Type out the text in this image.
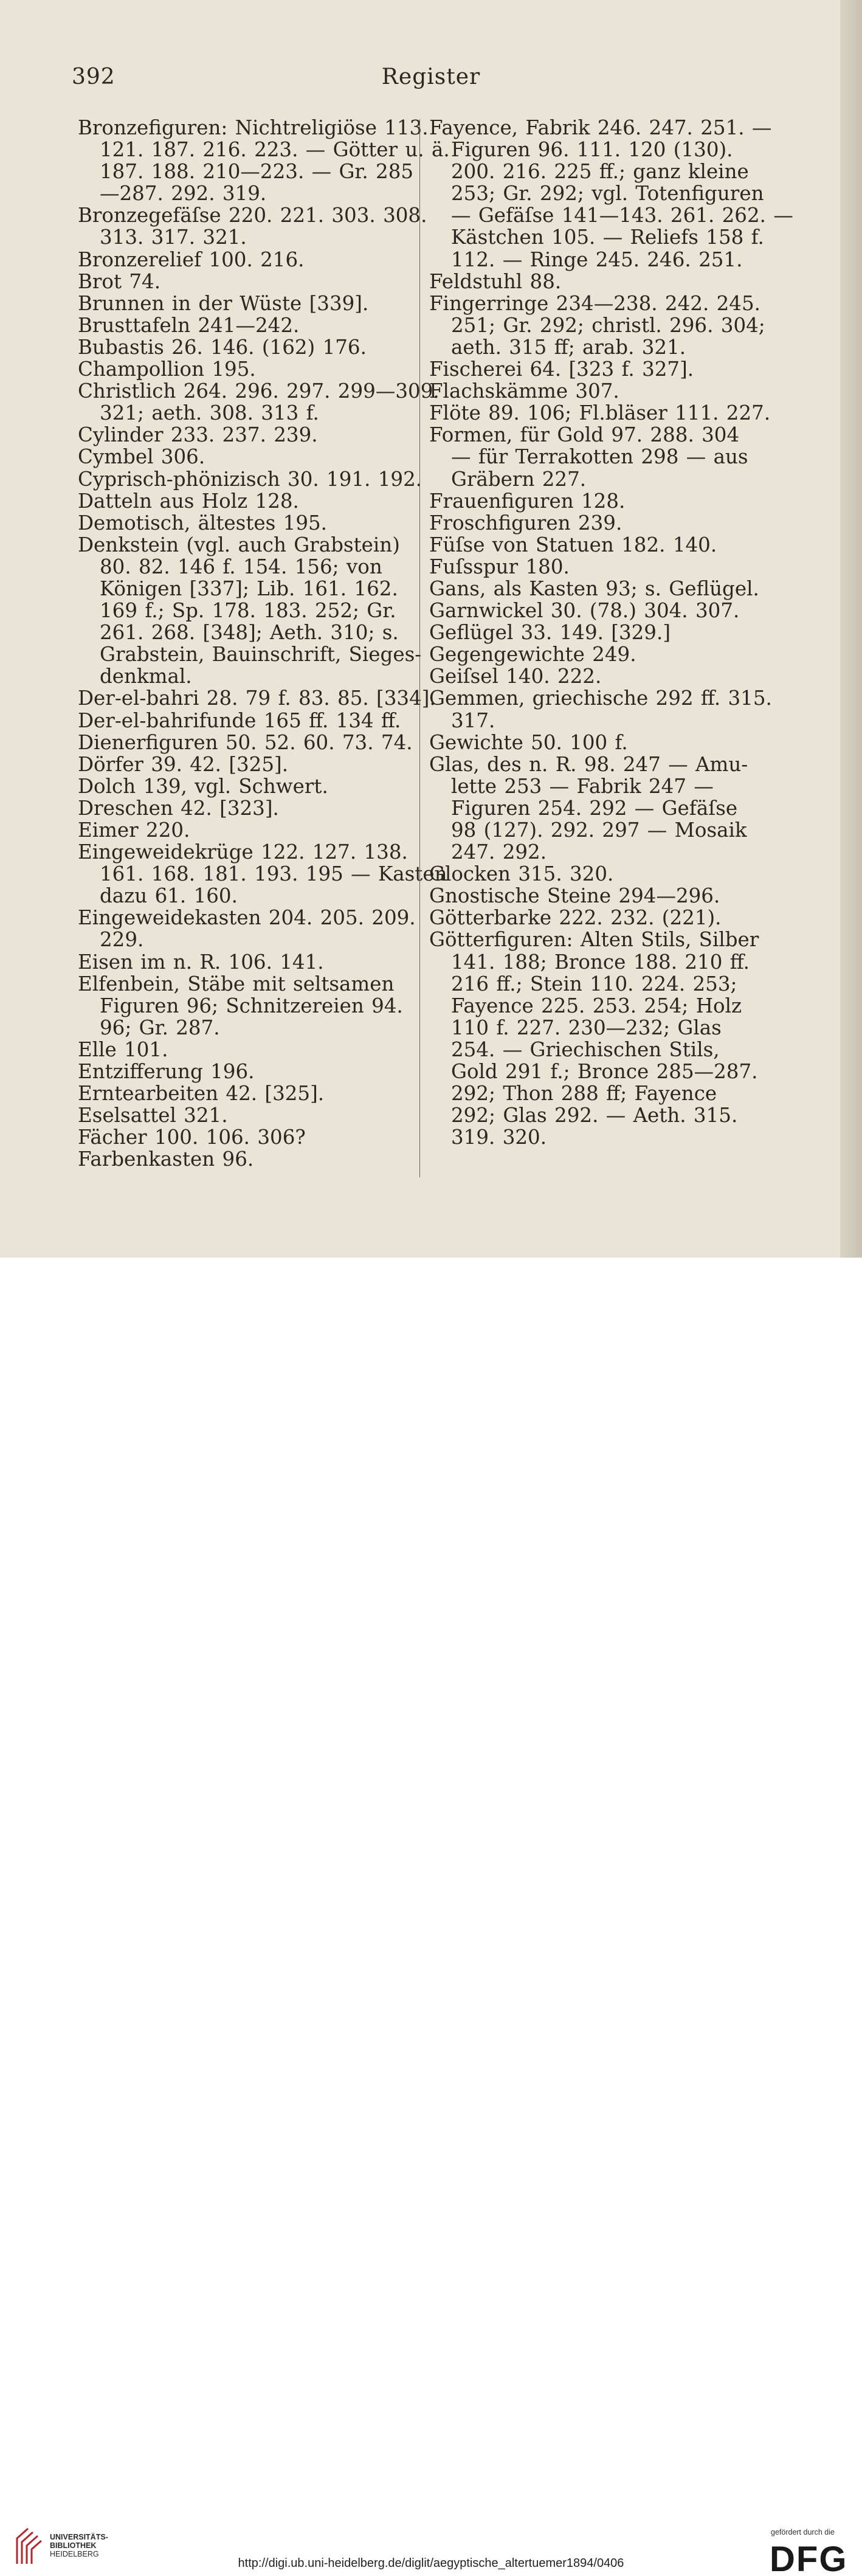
392	Register
Bronzefiguren: Nichtreligiöse 113.
121. 187. 216. 223. — Götter u. ä.
187. 188. 210—223. — Gr. 285
—287. 292. 319.
Bronzegefäſse 220. 221. 303. 308.
313. 317. 321.
Bronzerelief 100. 216.
Brot 74.
Brunnen in der Wüste [339].
Brusttafeln 241—242.
Bubastis 26. 146. (162) 176.
Champollion 195.
Christlich 264. 296. 297. 299—309.
321; aeth. 308. 313 f.
Cylinder 233. 237. 239.
Cymbel 306.
Cyprisch-phönizisch 30. 191. 192.
Datteln aus Holz 128.
Demotisch, ältestes 195.
Denkstein (vgl. auch Grabstein)
80. 82. 146 f. 154. 156; von
Königen [337]; Lib. 161. 162.
169 f.; Sp. 178. 183. 252; Gr.
261. 268. [348]; Aeth. 310; s.
Grabstein, Bauinschrift, Sieges-
denkmal.
Der-el-bahri 28. 79 f. 83. 85. [334].
Der-el-bahrifunde 165 ff. 134 ff.
Dienerfiguren 50. 52. 60. 73. 74.
Dörfer 39. 42. [325].
Dolch 139, vgl. Schwert.
Dreschen 42. [323].
Eimer 220.
Eingeweidekrüge 122. 127. 138.
161. 168. 181. 193. 195 — Kasten
dazu 61. 160.
Eingeweidekasten 204. 205. 209.
229.
Eisen im n. R. 106. 141.
Elfenbein, Stäbe mit seltsamen
Figuren 96; Schnitzereien 94.
96; Gr. 287.
Elle 101.
Entzifferung 196.
Erntearbeiten 42. [325].
Eselsattel 321.
Fächer 100. 106. 306?
Farbenkasten 96.
Fayence, Fabrik 246. 247. 251. —
Figuren 96. 111. 120 (130).
200. 216. 225 ff.; ganz kleine
253; Gr. 292; vgl. Totenfiguren
— Gefäſse 141—143. 261. 262. —
Kästchen 105. — Reliefs 158 f.
112. — Ringe 245. 246. 251.
Feldstuhl 88.
Fingerringe 234—238. 242. 245.
251; Gr. 292; christl. 296. 304;
aeth. 315 ff; arab. 321.
Fischerei 64. [323 f. 327].
Flachskämme 307.
Flöte 89. 106; Fl.bläser 111. 227.
Formen, für Gold 97. 288. 304
— für Terrakotten 298 — aus
Gräbern 227.
Frauenfiguren 128.
Froschfiguren 239.
Füſse von Statuen 182. 140.
Fuſsspur 180.
Gans, als Kasten 93; s. Geflügel.
Garnwickel 30. (78.) 304. 307.
Geflügel 33. 149. [329.]
Gegengewichte 249.
Geiſsel 140. 222.
Gemmen, griechische 292 ff. 315.
317.
Gewichte 50. 100 f.
Glas, des n. R. 98. 247 — Amu-
lette 253 — Fabrik 247 —
Figuren 254. 292 — Gefäſse
98 (127). 292. 297 — Mosaik
247. 292.
Glocken 315. 320.
Gnostische Steine 294—296.
Götterbarke 222. 232. (221).
Götterfiguren: Alten Stils, Silber
141. 188; Bronce 188. 210 ff.
216 ff.; Stein 110. 224. 253;
Fayence 225. 253. 254; Holz
110 f. 227. 230—232; Glas
254. — Griechischen Stils,
Gold 291 f.; Bronce 285—287.
292; Thon 288 ff; Fayence
292; Glas 292. — Aeth. 315.
319. 320.
UNIVERSITÄTS-
BIBLIOTHEK
HEIDELBERG
http://digi.ub.uni-heidelberg.de/diglit/aegyptische_altertuemer1894/0406
gefördert durch die
DFG
